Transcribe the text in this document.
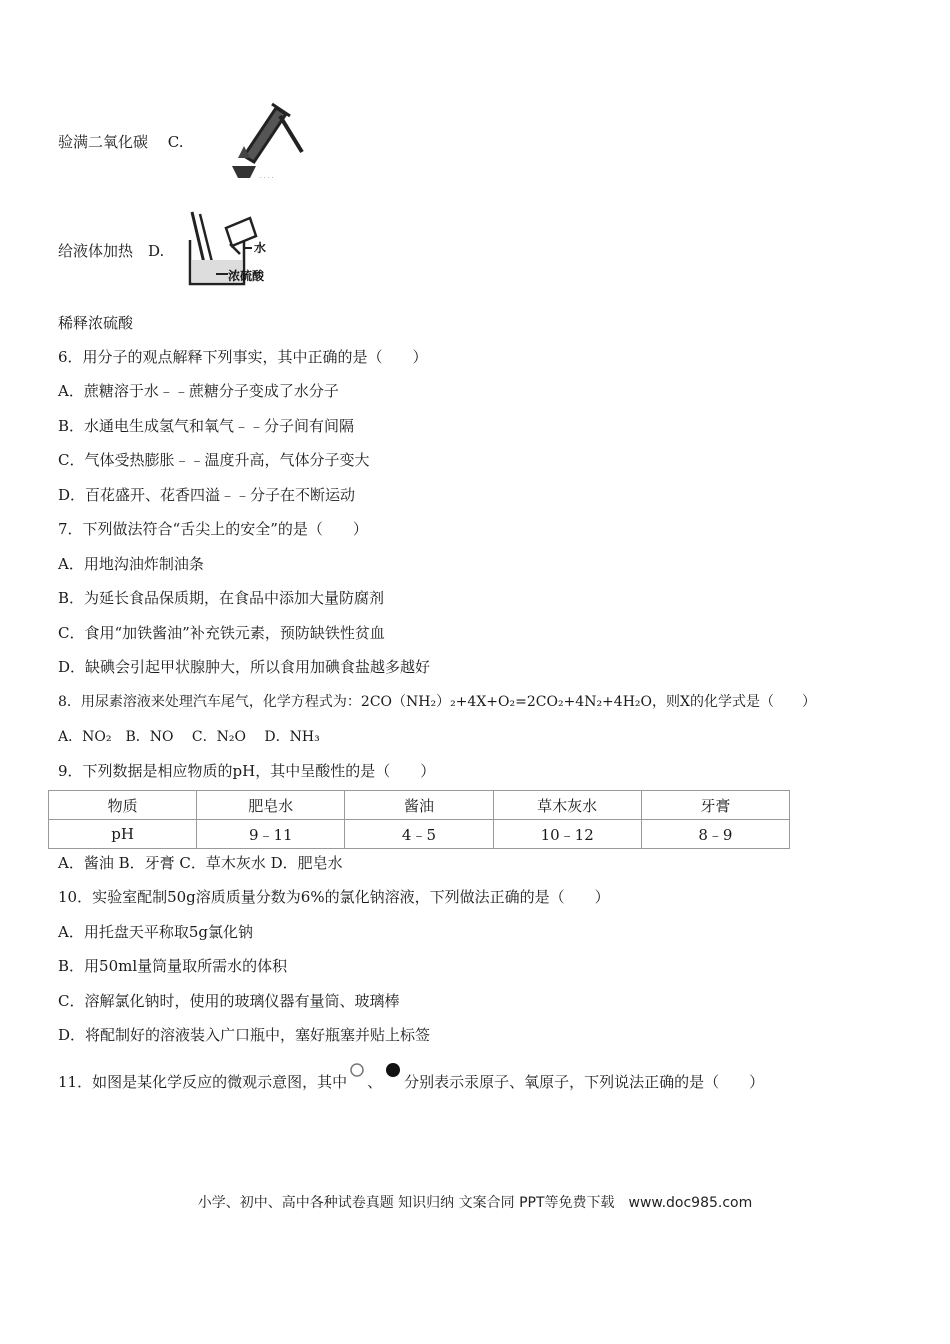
验满二氧化碳　 C.
· · · ·
给液体加热　 D.	水
浓硫酸
稀释浓硫酸
6．用分子的观点解释下列事实，其中正确的是（　　）
A．蔗糖溶于水﹣﹣蔗糖分子变成了水分子
B．水通电生成氢气和氧气﹣﹣分子间有间隔
C．气体受热膨胀﹣﹣温度升高，气体分子变大
D．百花盛开、花香四溢﹣﹣分子在不断运动
7．下列做法符合“舌尖上的安全”的是（　　）
A．用地沟油炸制油条
B．为延长食品保质期，在食品中添加大量防腐剂
C．食用“加铁酱油”补充铁元素，预防缺铁性贫血
D．缺碘会引起甲状腺肿大，所以食用加碘食盐越多越好
8．用尿素溶液来处理汽车尾气，化学方程式为：2CO（NH₂）₂+4X+O₂=2CO₂+4N₂+4H₂O，则X的化学式是（　　）
A．NO₂　B．NO　 C．N₂O　 D．NH₃
9．下列数据是相应物质的pH，其中呈酸性的是（　　）
物质	肥皂水	酱油	草木灰水	牙膏
pH	9﹣11	4﹣5	10﹣12	8﹣9
A．酱油 B．牙膏 C．草木灰水 D．肥皂水
10．实验室配制50g溶质质量分数为6%的氯化钠溶液，下列做法正确的是（　　）
A．用托盘天平称取5g氯化钠
B．用50ml量筒量取所需水的体积
C．溶解氯化钠时，使用的玻璃仪器有量筒、玻璃棒
D．将配制好的溶液装入广口瓶中，塞好瓶塞并贴上标签
11．如图是某化学反应的微观示意图，其中 、 分别表示汞原子、氧原子，下列说法正确的是（　　）
小学、初中、高中各种试卷真题 知识归纳 文案合同 PPT等免费下载　www.doc985.com
